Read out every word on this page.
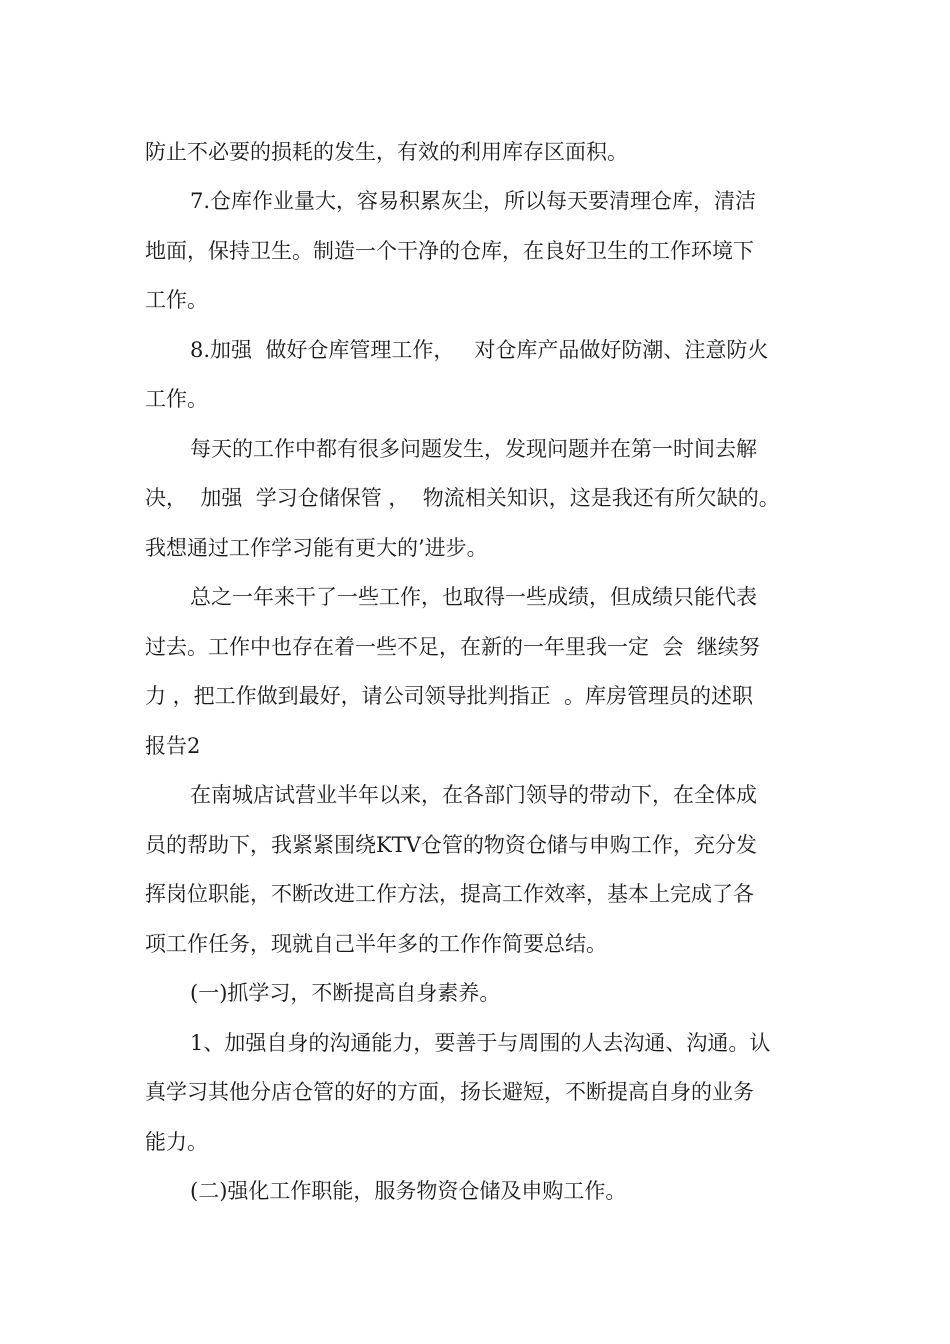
防止不必要的损耗的发生，有效的利用库存区面积。
7.仓库作业量大，容易积累灰尘，所以每天要清理仓库，清洁
地面，保持卫生。制造一个干净的仓库，在良好卫生的工作环境下
工作。
8.加强  做好仓库管理工作，   对仓库产品做好防潮、注意防火
工作。
每天的工作中都有很多问题发生，发现问题并在第一时间去解
决，  加强  学习仓储保管 ，  物流相关知识，这是我还有所欠缺的。
我想通过工作学习能有更大的’进步。
总之一年来干了一些工作，也取得一些成绩，但成绩只能代表
过去。工作中也存在着一些不足，在新的一年里我一定  会  继续努
力 ，把工作做到最好，请公司领导批判指正  。库房管理员的述职
报告2
在南城店试营业半年以来，在各部门领导的带动下，在全体成
员的帮助下，我紧紧围绕KTV仓管的物资仓储与申购工作，充分发
挥岗位职能，不断改进工作方法，提高工作效率，基本上完成了各
项工作任务，现就自己半年多的工作作简要总结。
(一)抓学习，不断提高自身素养。
1、加强自身的沟通能力，要善于与周围的人去沟通、沟通。认
真学习其他分店仓管的好的方面，扬长避短，不断提高自身的业务
能力。
(二)强化工作职能，服务物资仓储及申购工作。
